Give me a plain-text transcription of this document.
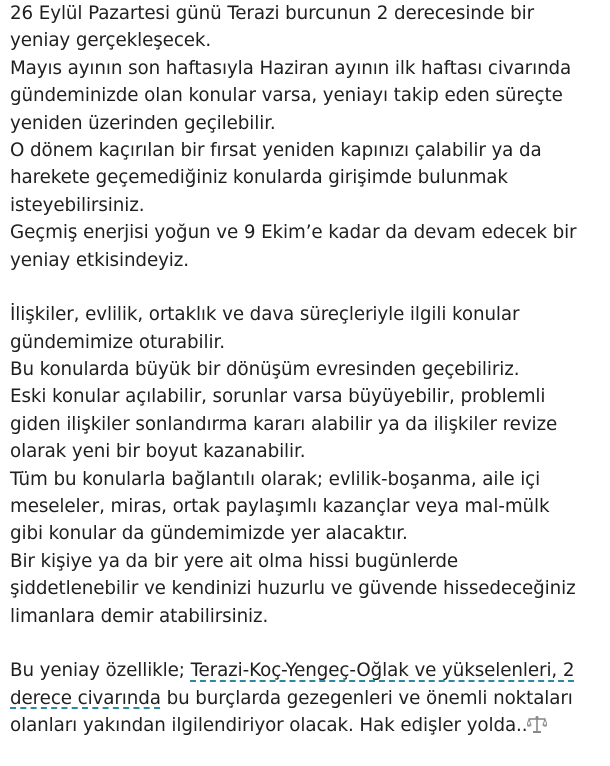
26 Eylül Pazartesi günü Terazi burcunun 2 derecesinde bir
yeniay gerçekleşecek.
Mayıs ayının son haftasıyla Haziran ayının ilk haftası civarında
gündeminizde olan konular varsa, yeniayı takip eden süreçte
yeniden üzerinden geçilebilir.
O dönem kaçırılan bir fırsat yeniden kapınızı çalabilir ya da
harekete geçemediğiniz konularda girişimde bulunmak
isteyebilirsiniz.
Geçmiş enerjisi yoğun ve 9 Ekim’e kadar da devam edecek bir
yeniay etkisindeyiz.
İlişkiler, evlilik, ortaklık ve dava süreçleriyle ilgili konular
gündemimize oturabilir.
Bu konularda büyük bir dönüşüm evresinden geçebiliriz.
Eski konular açılabilir, sorunlar varsa büyüyebilir, problemli
giden ilişkiler sonlandırma kararı alabilir ya da ilişkiler revize
olarak yeni bir boyut kazanabilir.
Tüm bu konularla bağlantılı olarak; evlilik-boşanma, aile içi
meseleler, miras, ortak paylaşımlı kazançlar veya mal-mülk
gibi konular da gündemimizde yer alacaktır.
Bir kişiye ya da bir yere ait olma hissi bugünlerde
şiddetlenebilir ve kendinizi huzurlu ve güvende hissedeceğiniz
limanlara demir atabilirsiniz.
Bu yeniay özellikle; Terazi-Koç-Yengeç-Oğlak ve yükselenleri, 2
derece civarında bu burçlarda gezegenleri ve önemli noktaları
olanları yakından ilgilendiriyor olacak. Hak edişler yolda..
